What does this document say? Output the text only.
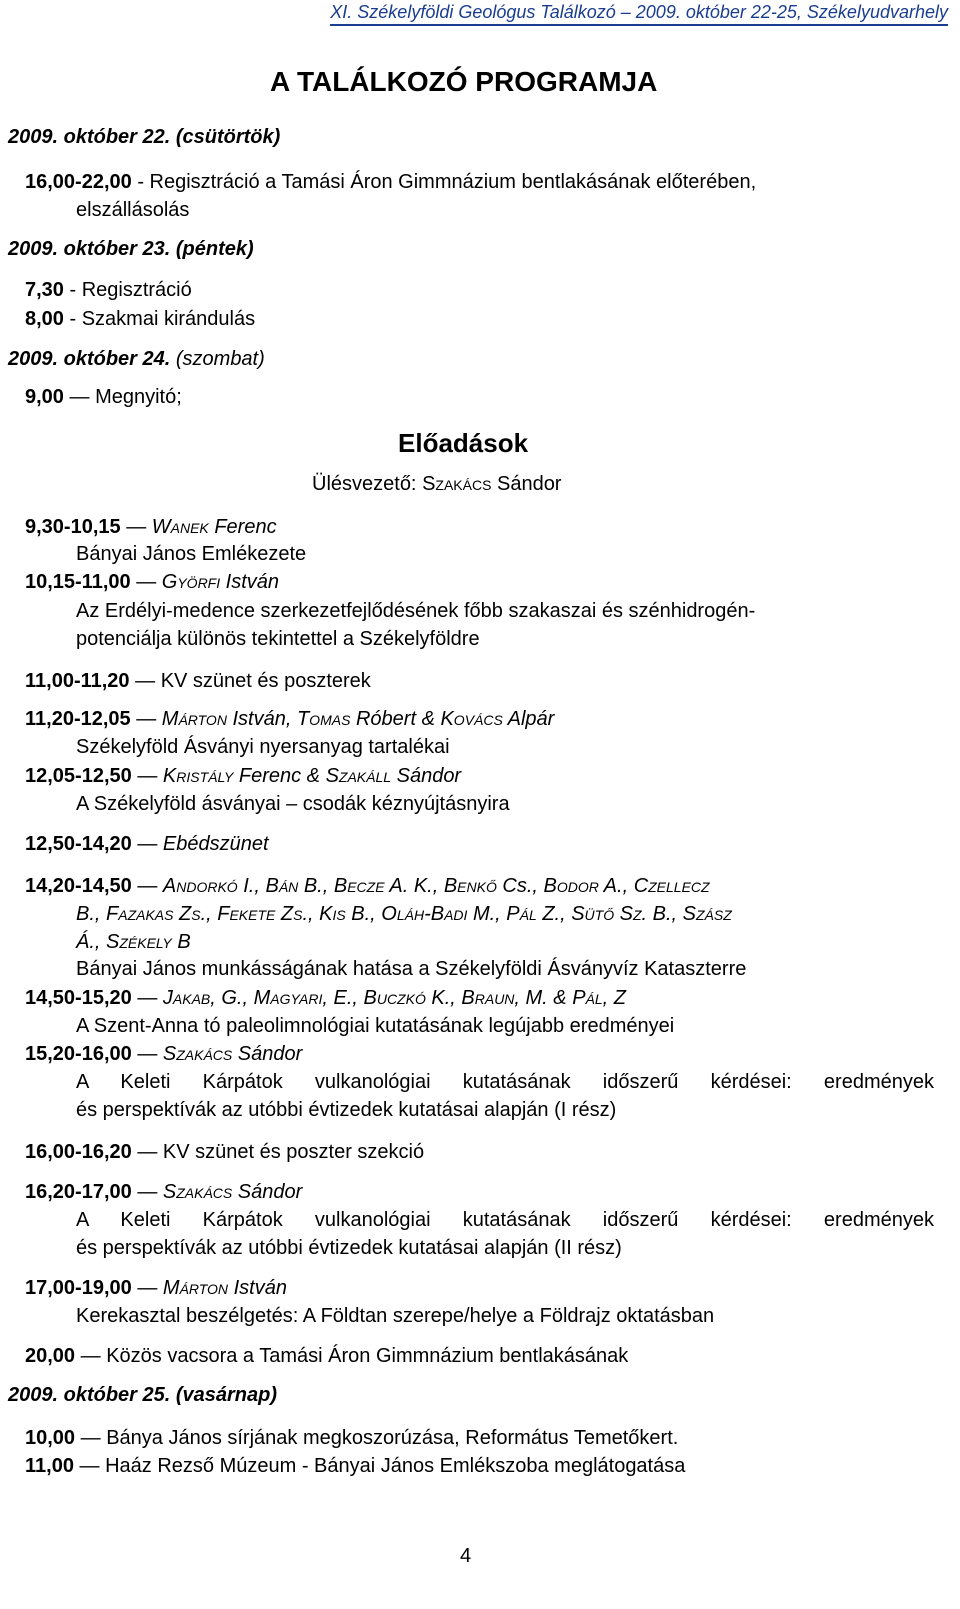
XI. Székelyföldi Geológus Találkozó – 2009. október 22-25, Székelyudvarhely
A TALÁLKOZÓ PROGRAMJA
2009. október 22. (csütörtök)
16,00-22,00 - Regisztráció a Tamási Áron Gimmnázium bentlakásának előterében,
elszállásolás
2009. október 23. (péntek)
7,30 - Regisztráció
8,00 - Szakmai kirándulás
2009. október 24. (szombat)
9,00 — Megnyitó;
Előadások
Ülésvezető: Szakács Sándor
9,30-10,15 — Wanek Ferenc
Bányai János Emlékezete
10,15-11,00 — Györfi István
Az Erdélyi-medence szerkezetfejlődésének főbb szakaszai és szénhidrogén-
potenciálja különös tekintettel a Székelyföldre
11,00-11,20 — KV szünet és poszterek
11,20-12,05 — Márton István, Tomas Róbert & Kovács Alpár
Székelyföld Ásványi nyersanyag tartalékai
12,05-12,50 — Kristály Ferenc & Szakáll Sándor
A Székelyföld ásványai – csodák kéznyújtásnyira
12,50-14,20 — Ebédszünet
14,20-14,50 — Andorkó I., Bán B., Becze A. K., Benkő Cs., Bodor A., Czellecz
B., Fazakas Zs., Fekete Zs., Kis B., Oláh-Badi M., Pál Z., Sütő Sz. B., Szász
Á., Székely B
Bányai János munkásságának hatása a Székelyföldi Ásványvíz Kataszterre
14,50-15,20 — Jakab, G., Magyari, E., Buczkó K., Braun, M. & Pál, Z
A Szent-Anna tó paleolimnológiai kutatásának legújabb eredményei
15,20-16,00 — Szakács Sándor
A Keleti Kárpátok vulkanológiai kutatásának időszerű kérdései: eredmények
és perspektívák az utóbbi évtizedek kutatásai alapján (I rész)
16,00-16,20 — KV szünet és poszter szekció
16,20-17,00 — Szakács Sándor
A Keleti Kárpátok vulkanológiai kutatásának időszerű kérdései: eredmények
és perspektívák az utóbbi évtizedek kutatásai alapján (II rész)
17,00-19,00 — Márton István
Kerekasztal beszélgetés: A Földtan szerepe/helye a Földrajz oktatásban
20,00 — Közös vacsora a Tamási Áron Gimmnázium bentlakásának
2009. október 25. (vasárnap)
10,00 — Bánya János sírjának megkoszorúzása, Református Temetőkert.
11,00 — Haáz Rezső Múzeum - Bányai János Emlékszoba meglátogatása
4
